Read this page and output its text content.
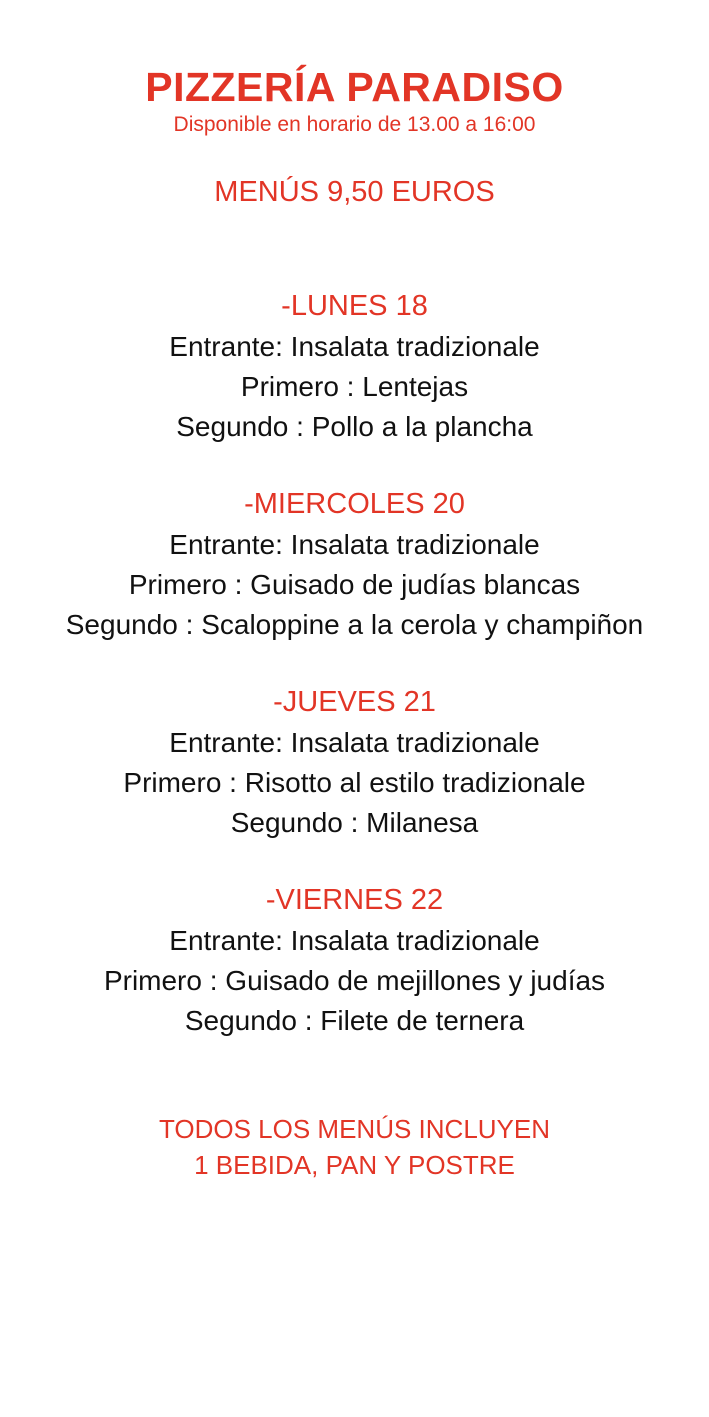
PIZZERÍA PARADISO
Disponible en horario de 13.00 a 16:00
MENÚS 9,50 EUROS
-LUNES 18
Entrante: Insalata tradizionale
Primero : Lentejas
Segundo : Pollo a la plancha
-MIERCOLES 20
Entrante: Insalata tradizionale
Primero : Guisado de judías blancas
Segundo : Scaloppine a la cerola y champiñon
-JUEVES 21
Entrante: Insalata tradizionale
Primero : Risotto al estilo tradizionale
Segundo : Milanesa
-VIERNES 22
Entrante: Insalata tradizionale
Primero : Guisado de mejillones y judías
Segundo : Filete de ternera
TODOS LOS MENÚS INCLUYEN
1 BEBIDA, PAN Y POSTRE
